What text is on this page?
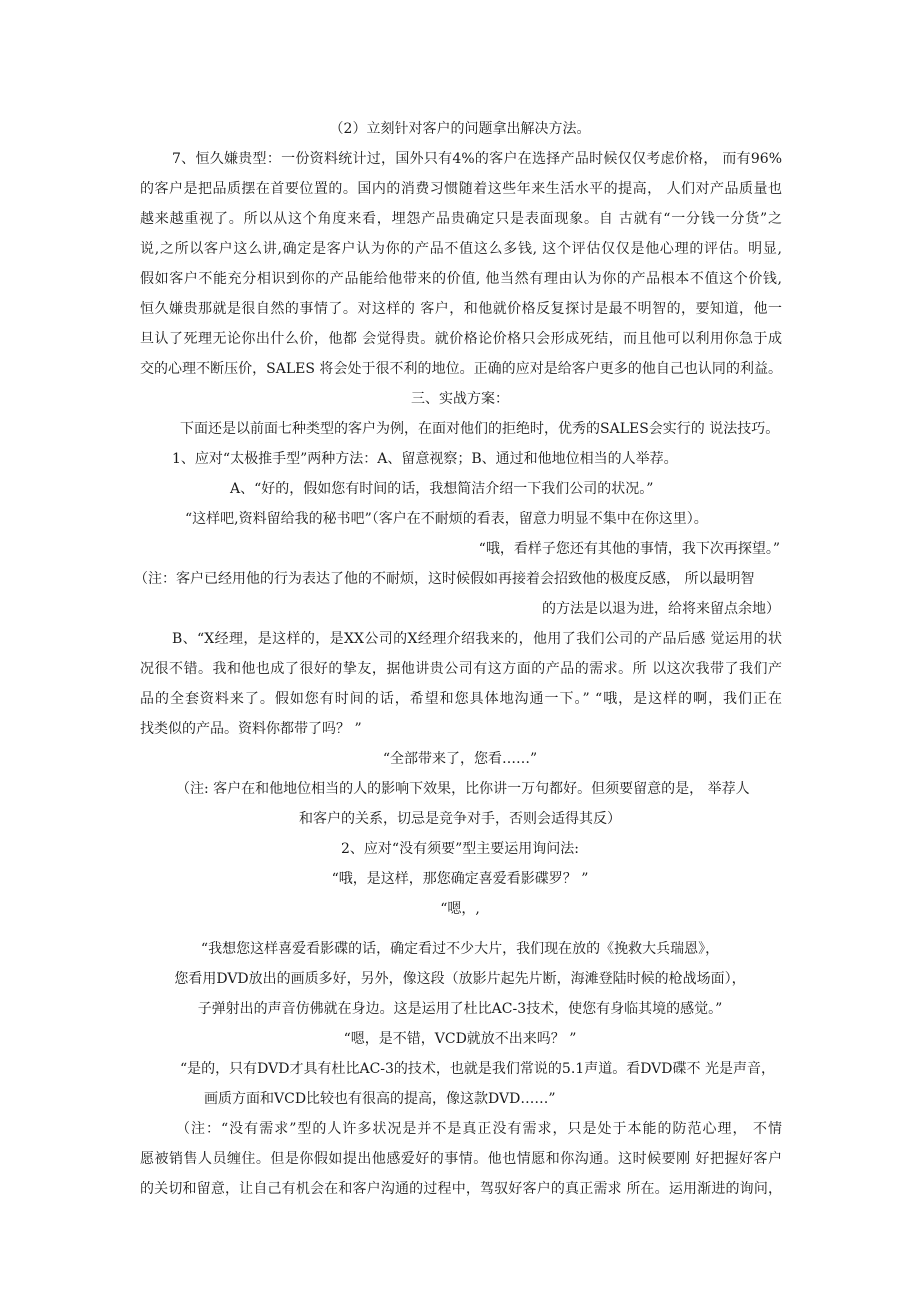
（2）立刻针对客户的问题拿出解决方法。
7、恒久嫌贵型：一份资料统计过，国外只有4%的客户在选择产品时候仅仅考虑价格， 而有96%
的客户是把品质摆在首要位置的。国内的消费习惯随着这些年来生活水平的提高， 人们对产品质量也
越来越重视了。所以从这个角度来看，埋怨产品贵确定只是表面现象。自 古就有“一分钱一分货”之
说,之所以客户这么讲,确定是客户认为你的产品不值这么多钱, 这个评估仅仅是他心理的评估。明显,
假如客户不能充分相识到你的产品能给他带来的价值, 他当然有理由认为你的产品根本不值这个价钱,
恒久嫌贵那就是很自然的事情了。对这样的 客户，和他就价格反复探讨是最不明智的，要知道，他一
旦认了死理无论你出什么价，他都 会觉得贵。就价格论价格只会形成死结，而且他可以利用你急于成
交的心理不断压价，SALES 将会处于很不利的地位。正确的应对是给客户更多的他自己也认同的利益。
三、实战方案：
下面还是以前面七种类型的客户为例，在面对他们的拒绝时，优秀的SALES会实行的 说法技巧。
1、应对“太极推手型”两种方法：A、留意视察；B、通过和他地位相当的人举荐。
A、“好的，假如您有时间的话，我想简洁介绍一下我们公司的状况。”
“这样吧,资料留给我的秘书吧”（客户在不耐烦的看表，留意力明显不集中在你这里）。
“哦，看样子您还有其他的事情，我下次再探望。”
（注：客户已经用他的行为表达了他的不耐烦，这时候假如再接着会招致他的极度反感， 所以最明智
的方法是以退为进，给将来留点余地）
B、“X经理，是这样的，是XX公司的X经理介绍我来的，他用了我们公司的产品后感 觉运用的状
况很不错。我和他也成了很好的挚友，据他讲贵公司有这方面的产品的需求。所 以这次我带了我们产
品的全套资料来了。假如您有时间的话，希望和您具体地沟通一下。” “哦，是这样的啊，我们正在
找类似的产品。资料你都带了吗？ ”
“全部带来了，您看……”
（注: 客户在和他地位相当的人的影响下效果，比你讲一万句都好。但须要留意的是， 举荐人
和客户的关系，切忌是竞争对手，否则会适得其反）
2、应对“没有须要”型主要运用询问法:
“哦，是这样，那您确定喜爱看影碟罗？ ”
“嗯，,
“我想您这样喜爱看影碟的话，确定看过不少大片，我们现在放的《挽救大兵瑞恩》，
您看用DVD放出的画质多好，另外，像这段（放影片起先片断，海滩登陆时候的枪战场面），
子弹射出的声音仿佛就在身边。这是运用了杜比AC-3技术，使您有身临其境的感觉。”
“嗯，是不错，VCD就放不出来吗？ ”
“是的，只有DVD才具有杜比AC-3的技术，也就是我们常说的5.1声道。看DVD碟不 光是声音，
画质方面和VCD比较也有很高的提高，像这款DVD……”
（注：“没有需求”型的人许多状况是并不是真正没有需求，只是处于本能的防范心理， 不情
愿被销售人员缠住。但是你假如提出他感爱好的事情。他也情愿和你沟通。这时候要刚 好把握好客户
的关切和留意，让自己有机会在和客户沟通的过程中，驾驭好客户的真正需求 所在。运用渐进的询问，
